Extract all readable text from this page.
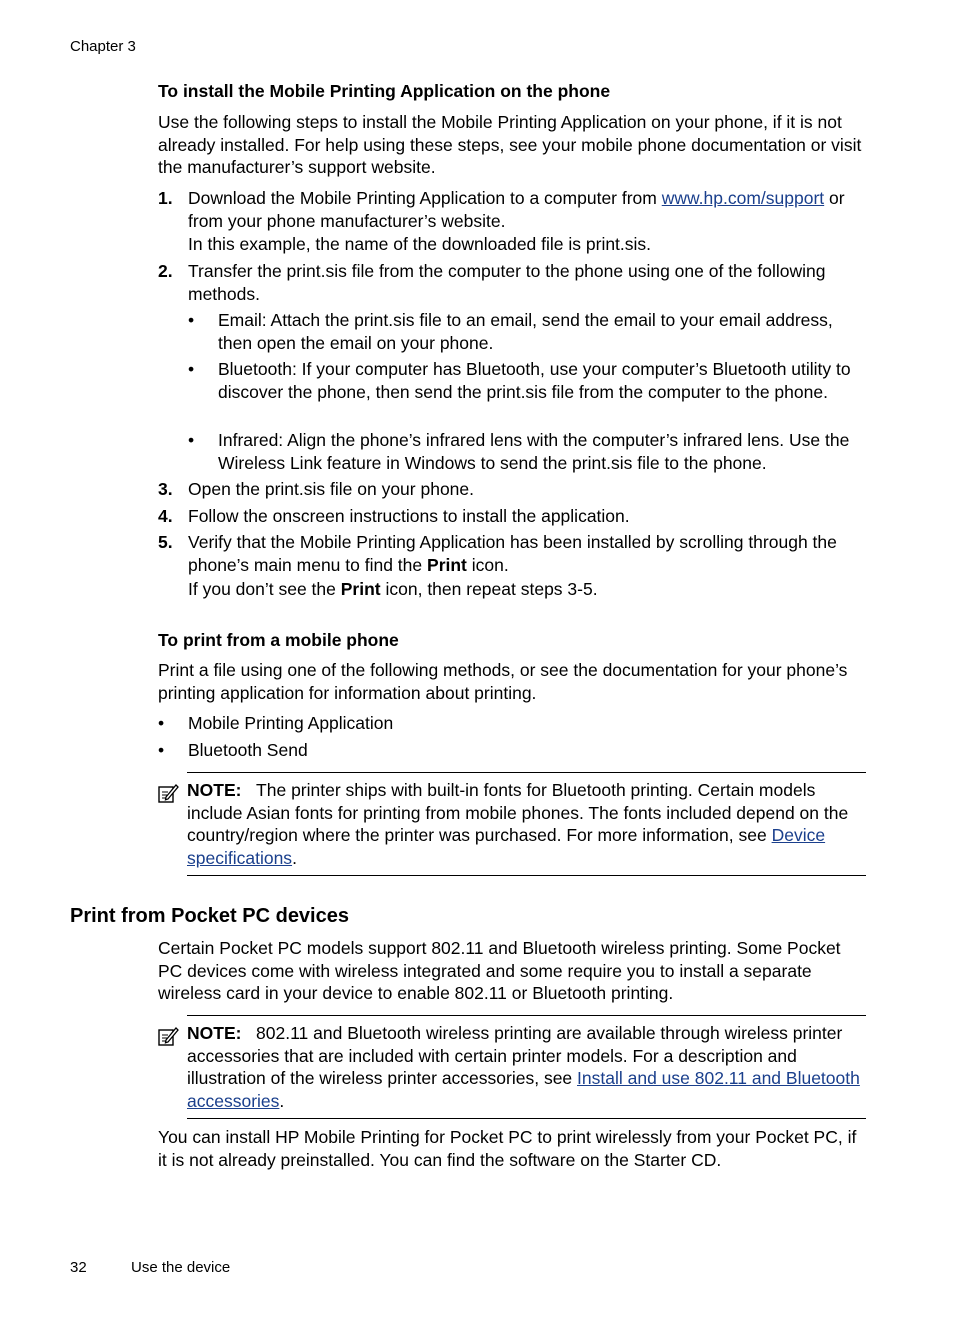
Chapter 3
To install the Mobile Printing Application on the phone

Use the following steps to install the Mobile Printing Application on your phone, if it is not already installed. For help using these steps, see your mobile phone documentation or visit the manufacturer’s support website.

1. Download the Mobile Printing Application to a computer from www.hp.com/support or from your phone manufacturer’s website.

In this example, the name of the downloaded file is print.sis.

2. Transfer the print.sis file from the computer to the phone using one of the following methods.

• Email: Attach the print.sis file to an email, send the email to your email address, then open the email on your phone.

• Bluetooth: If your computer has Bluetooth, use your computer’s Bluetooth utility to discover the phone, then send the print.sis file from the computer to the phone.

• Infrared: Align the phone’s infrared lens with the computer’s infrared lens. Use the Wireless Link feature in Windows to send the print.sis file to the phone.

3. Open the print.sis file on your phone.

4. Follow the onscreen instructions to install the application.

5. Verify that the Mobile Printing Application has been installed by scrolling through the phone’s main menu to find the Print icon.

If you don’t see the Print icon, then repeat steps 3-5.

To print from a mobile phone

Print a file using one of the following methods, or see the documentation for your phone’s printing application for information about printing.

• Mobile Printing Application

• Bluetooth Send

NOTE: The printer ships with built-in fonts for Bluetooth printing. Certain models include Asian fonts for printing from mobile phones. The fonts included depend on the country/region where the printer was purchased. For more information, see Device specifications.

Print from Pocket PC devices

Certain Pocket PC models support 802.11 and Bluetooth wireless printing. Some Pocket PC devices come with wireless integrated and some require you to install a separate wireless card in your device to enable 802.11 or Bluetooth printing.

NOTE: 802.11 and Bluetooth wireless printing are available through wireless printer accessories that are included with certain printer models. For a description and illustration of the wireless printer accessories, see Install and use 802.11 and Bluetooth accessories.

You can install HP Mobile Printing for Pocket PC to print wirelessly from your Pocket PC, if it is not already preinstalled. You can find the software on the Starter CD.

32	Use the device
